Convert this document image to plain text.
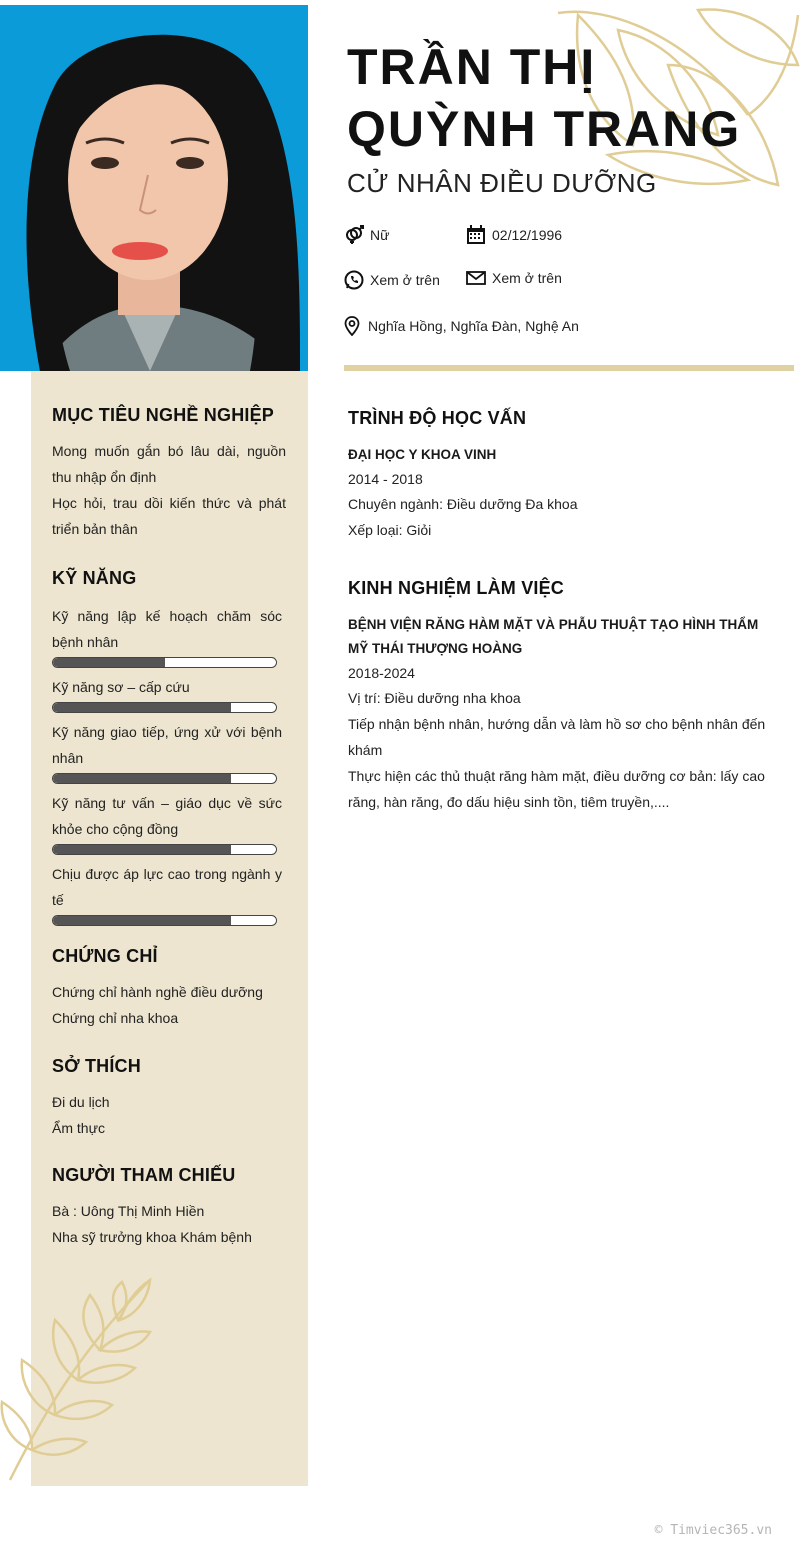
TRẦN THỊ
QUỲNH TRANG
CỬ NHÂN ĐIỀU DƯỠNG
Nữ	02/12/1996
Xem ở trên	Xem ở trên
Nghĩa Hồng, Nghĩa Đàn, Nghệ An
MỤC TIÊU NGHỀ NGHIỆP
Mong muốn gắn bó lâu dài, nguồn thu nhập ổn định
Học hỏi, trau dồi kiến thức và phát triển bản thân
KỸ NĂNG
Kỹ năng lập kế hoạch chăm sóc bệnh nhân
Kỹ năng sơ – cấp cứu
Kỹ năng giao tiếp, ứng xử với bệnh nhân
Kỹ năng tư vấn – giáo dục về sức khỏe cho cộng đồng
Chịu được áp lực cao trong ngành y tế
CHỨNG CHỈ
Chứng chỉ hành nghề điều dưỡng
Chứng chỉ nha khoa
SỞ THÍCH
Đi du lịch
Ẩm thực
NGƯỜI THAM CHIẾU
Bà : Uông Thị Minh Hiền
Nha sỹ trưởng khoa Khám bệnh
TRÌNH ĐỘ HỌC VẤN
ĐẠI HỌC Y KHOA VINH
2014 - 2018
Chuyên ngành: Điều dưỡng Đa khoa
Xếp loại: Giỏi
KINH NGHIỆM LÀM VIỆC
BỆNH VIỆN RĂNG HÀM MẶT VÀ PHẪU THUẬT TẠO HÌNH THẨM MỸ THÁI THƯỢNG HOÀNG
2018-2024
Vị trí: Điều dưỡng nha khoa
Tiếp nhận bệnh nhân, hướng dẫn và làm hồ sơ cho bệnh nhân đến khám
Thực hiện các thủ thuật răng hàm mặt, điều dưỡng cơ bản: lấy cao răng, hàn răng, đo dấu hiệu sinh tồn, tiêm truyền,....
© Timviec365.vn
